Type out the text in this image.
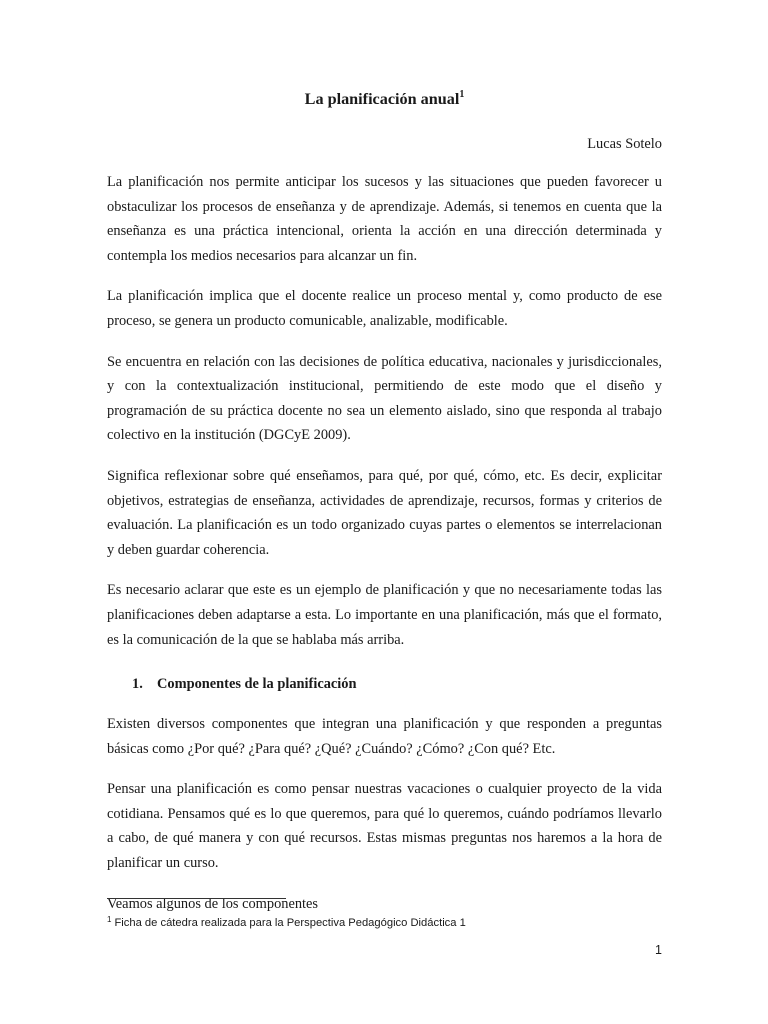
La planificación anual$^1$
Lucas Sotelo

La planificación nos permite anticipar los sucesos y las situaciones que pueden favorecer u obstaculizar los procesos de enseñanza y de aprendizaje. Además, si tenemos en cuenta que la enseñanza es una práctica intencional, orienta la acción en una dirección determinada y contempla los medios necesarios para alcanzar un fin.

La planificación implica que el docente realice un proceso mental y, como producto de ese proceso, se genera un producto comunicable, analizable, modificable.

Se encuentra en relación con las decisiones de política educativa, nacionales y jurisdiccionales, y con la contextualización institucional, permitiendo de este modo que el diseño y programación de su práctica docente no sea un elemento aislado, sino que responda al trabajo colectivo en la institución (DGCyE 2009).

Significa reflexionar sobre qué enseñamos, para qué, por qué, cómo, etc. Es decir, explicitar objetivos, estrategias de enseñanza, actividades de aprendizaje, recursos, formas y criterios de evaluación. La planificación es un todo organizado cuyas partes o elementos se interrelacionan y deben guardar coherencia.

Es necesario aclarar que este es un ejemplo de planificación y que no necesariamente todas las planificaciones deben adaptarse a esta. Lo importante en una planificación, más que el formato, es la comunicación de la que se hablaba más arriba.

1. Componentes de la planificación

Existen diversos componentes que integran una planificación y que responden a preguntas básicas como ¿Por qué? ¿Para qué? ¿Qué? ¿Cuándo? ¿Cómo? ¿Con qué? Etc.

Pensar una planificación es como pensar nuestras vacaciones o cualquier proyecto de la vida cotidiana. Pensamos qué es lo que queremos, para qué lo queremos, cuándo podríamos llevarlo a cabo, de qué manera y con qué recursos. Estas mismas preguntas nos haremos a la hora de planificar un curso.

Veamos algunos de los componentes

$^1$ Ficha de cátedra realizada para la Perspectiva Pedagógico Didáctica 1
1
